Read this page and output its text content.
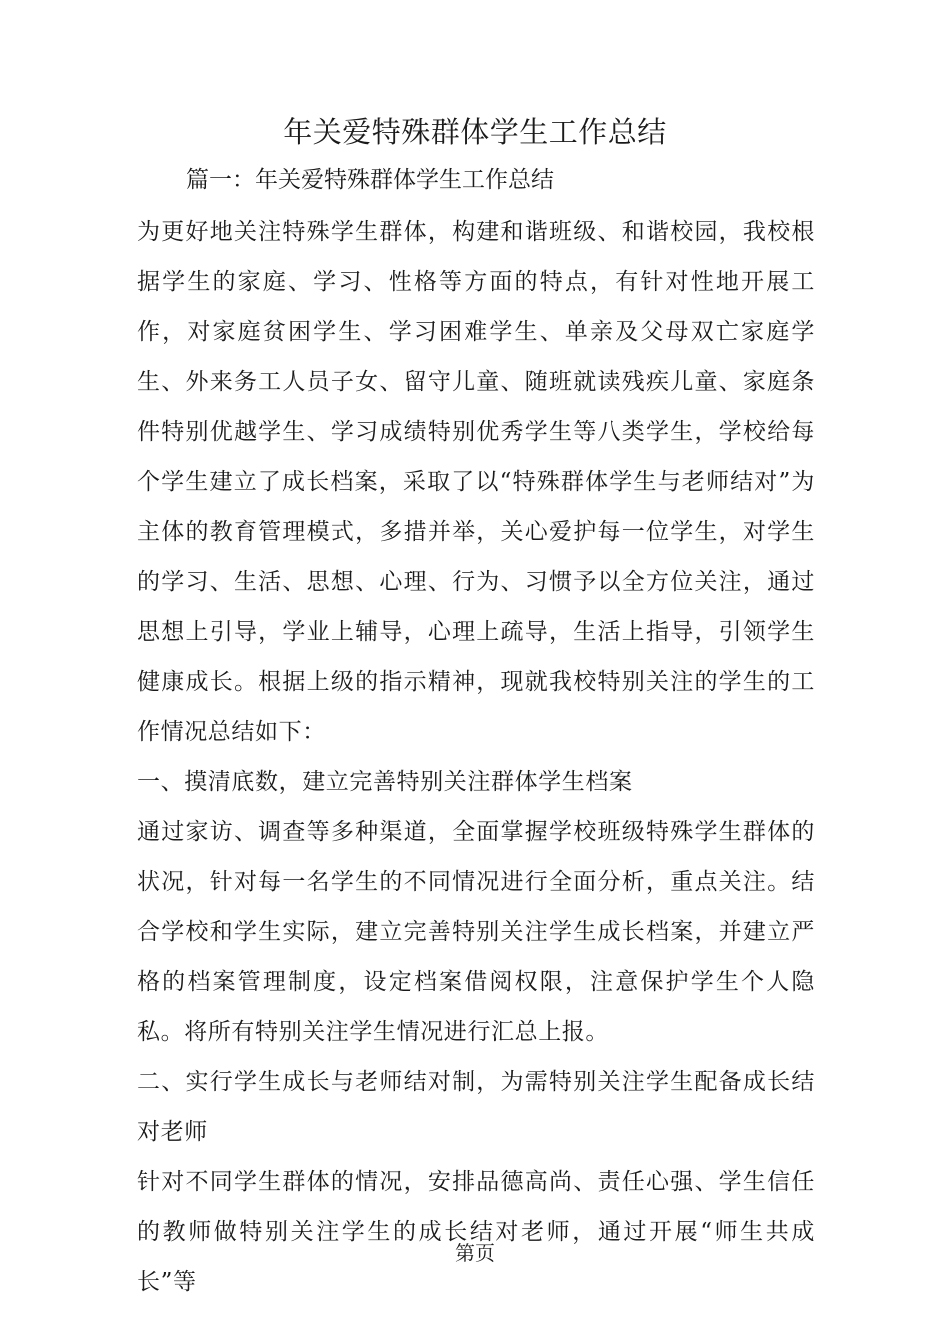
年关爱特殊群体学生工作总结

篇一：年关爱特殊群体学生工作总结

为更好地关注特殊学生群体，构建和谐班级、和谐校园，我校根据学生的家庭、学习、性格等方面的特点，有针对性地开展工作，对家庭贫困学生、学习困难学生、单亲及父母双亡家庭学生、外来务工人员子女、留守儿童、随班就读残疾儿童、家庭条件特别优越学生、学习成绩特别优秀学生等八类学生，学校给每个学生建立了成长档案，采取了以“特殊群体学生与老师结对”为主体的教育管理模式，多措并举，关心爱护每一位学生，对学生的学习、生活、思想、心理、行为、习惯予以全方位关注，通过思想上引导，学业上辅导，心理上疏导，生活上指导，引领学生健康成长。根据上级的指示精神，现就我校特别关注的学生的工作情况总结如下：

一、摸清底数，建立完善特别关注群体学生档案

通过家访、调查等多种渠道，全面掌握学校班级特殊学生群体的状况，针对每一名学生的不同情况进行全面分析，重点关注。结合学校和学生实际，建立完善特别关注学生成长档案，并建立严格的档案管理制度，设定档案借阅权限，注意保护学生个人隐私。将所有特别关注学生情况进行汇总上报。

二、实行学生成长与老师结对制，为需特别关注学生配备成长结对老师

针对不同学生群体的情况，安排品德高尚、责任心强、学生信任的教师做特别关注学生的成长结对老师，通过开展“师生共成长”等

第页
